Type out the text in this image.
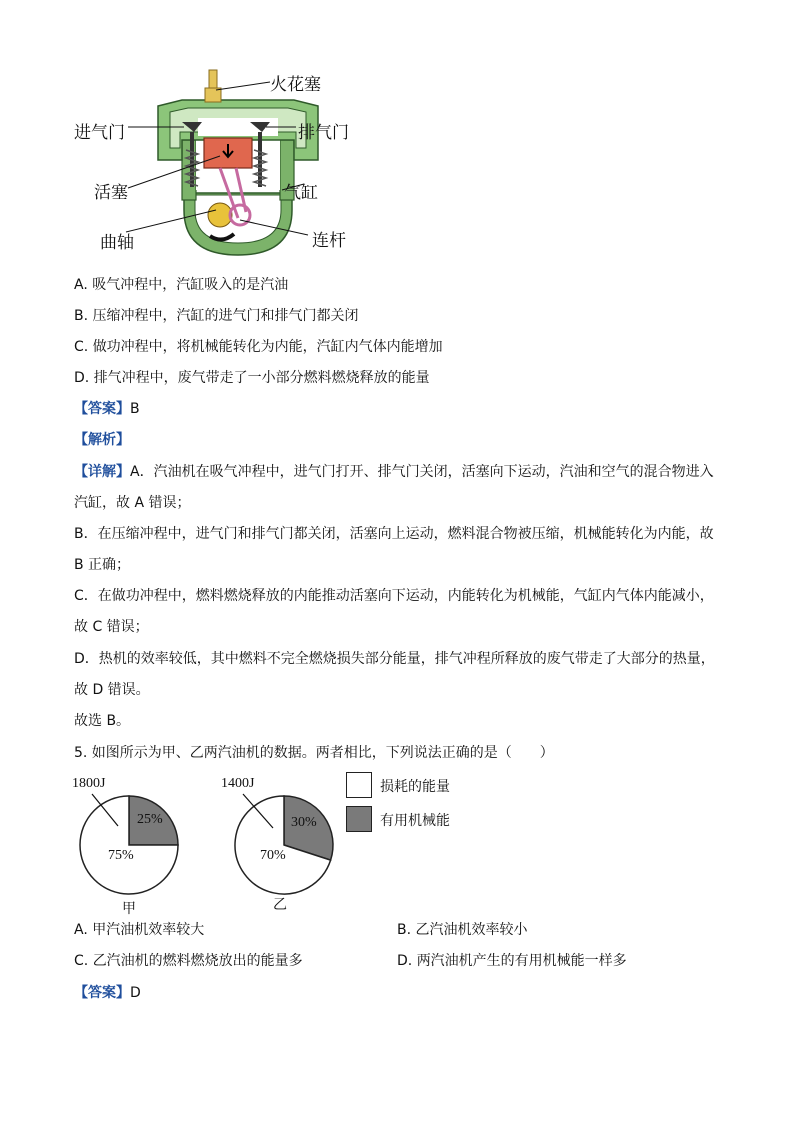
火花塞
进气门	排气门
活塞	气缸
曲轴	连杆
A. 吸气冲程中，汽缸吸入的是汽油
B. 压缩冲程中，汽缸的进气门和排气门都关闭
C. 做功冲程中，将机械能转化为内能，汽缸内气体内能增加
D. 排气冲程中，废气带走了一小部分燃料燃烧释放的能量
【答案】B
【解析】
【详解】A．汽油机在吸气冲程中，进气门打开、排气门关闭，活塞向下运动，汽油和空气的混合物进入
汽缸，故 A 错误；
B．在压缩冲程中，进气门和排气门都关闭，活塞向上运动，燃料混合物被压缩，机械能转化为内能，故
B 正确；
C．在做功冲程中，燃料燃烧释放的内能推动活塞向下运动，内能转化为机械能，气缸内气体内能减小，
故 C 错误；
D．热机的效率较低，其中燃料不完全燃烧损失部分能量，排气冲程所释放的废气带走了大部分的热量，
故 D 错误。
故选 B。
5. 如图所示为甲、乙两汽油机的数据。两者相比，下列说法正确的是（　　）
1800J
25%
75%
甲
1400J
30%
70%
乙
损耗的能量
有用机械能
A. 甲汽油机效率较大	B. 乙汽油机效率较小
C. 乙汽油机的燃料燃烧放出的能量多	D. 两汽油机产生的有用机械能一样多
【答案】D
